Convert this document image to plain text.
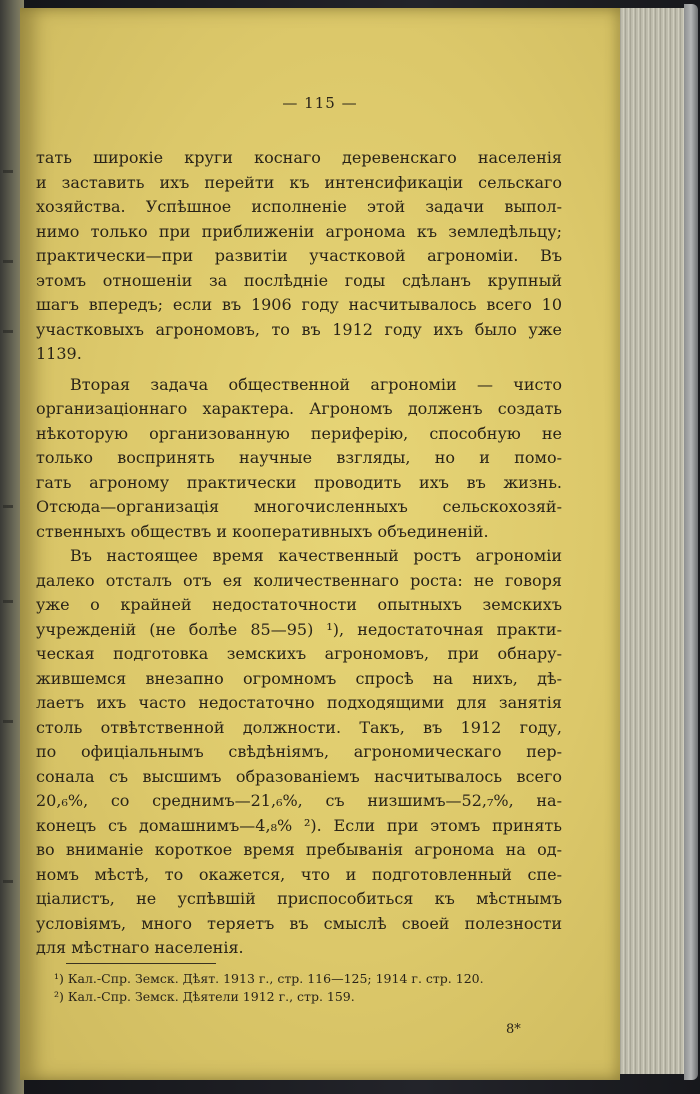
— 115 —
тать широкіе круги коснаго деревенскаго населенія
и заставить ихъ перейти къ интенсификаціи сельскаго
хозяйства. Успѣшное исполненіе этой задачи выпол-
нимо только при приближеніи агронома къ земледѣльцу;
практически—при развитіи участковой агрономіи. Въ
этомъ отношеніи за послѣдніе годы сдѣланъ крупный
шагъ впередъ; если въ 1906 году насчитывалось всего 10
участковыхъ агрономовъ, то въ 1912 году ихъ было уже
1139.
Вторая задача общественной агрономіи — чисто
организаціоннаго характера. Агрономъ долженъ создать
нѣкоторую организованную периферію, способную не
только воспринять научные взгляды, но и помо-
гать агроному практически проводить ихъ въ жизнь.
Отсюда—организація многочисленныхъ сельскохозяй-
ственныхъ обществъ и кооперативныхъ объединеній.
Въ настоящее время качественный ростъ агрономіи
далеко отсталъ отъ ея количественнаго роста: не говоря
уже о крайней недостаточности опытныхъ земскихъ
учрежденій (не болѣе 85—95) ¹), недостаточная практи-
ческая подготовка земскихъ агрономовъ, при обнару-
жившемся внезапно огромномъ спросѣ на нихъ, дѣ-
лаетъ ихъ часто недостаточно подходящими для занятія
столь отвѣтственной должности. Такъ, въ 1912 году,
по офиціальнымъ свѣдѣніямъ, агрономическаго пер-
сонала съ высшимъ образованіемъ насчитывалось всего
20,₆%, со среднимъ—21,₆%, съ низшимъ—52,₇%, на-
конецъ съ домашнимъ—4,₈% ²). Если при этомъ принять
во вниманіе короткое время пребыванія агронома на од-
номъ мѣстѣ, то окажется, что и подготовленный спе-
ціалистъ, не успѣвшій приспособиться къ мѣстнымъ
условіямъ, много теряетъ въ смыслѣ своей полезности
для мѣстнаго населенія.
¹) Кал.-Спр. Земск. Дѣят. 1913 г., стр. 116—125; 1914 г. стр. 120.
²) Кал.-Спр. Земск. Дѣятели 1912 г., стр. 159.
8*
